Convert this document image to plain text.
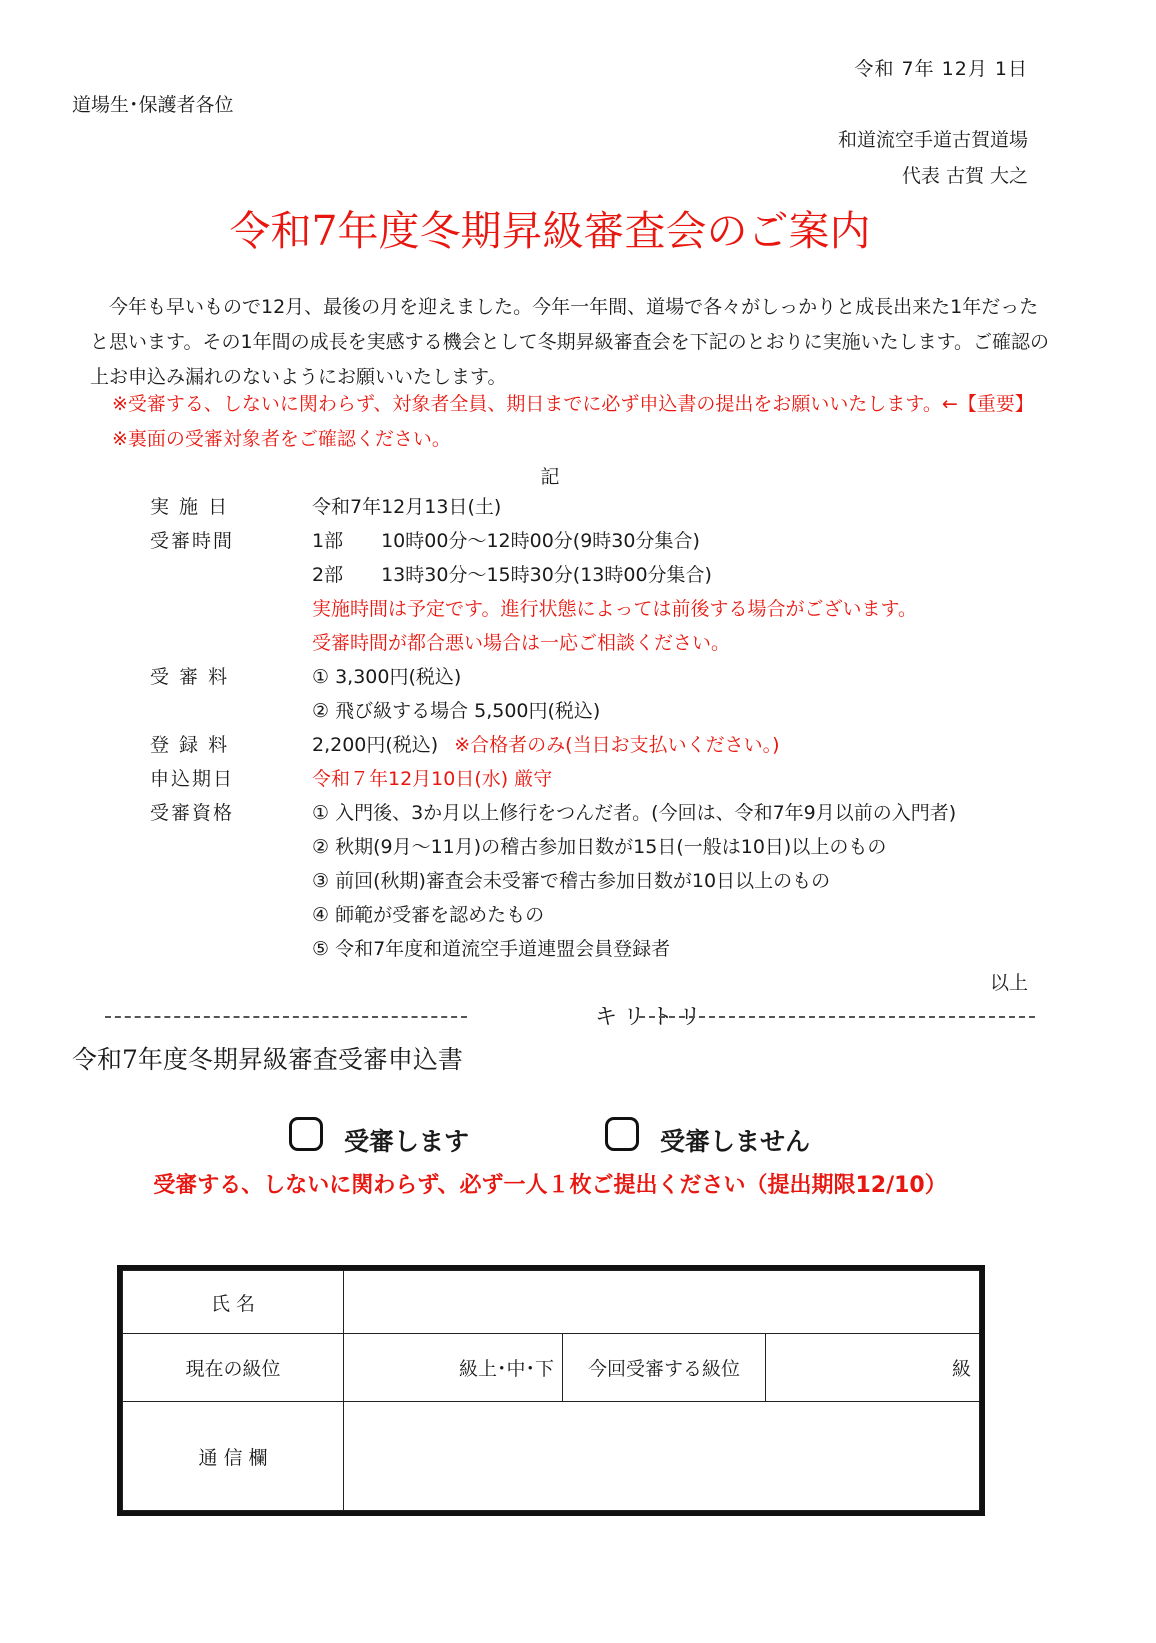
令和 7年 12月 1日
道場生･保護者各位
和道流空手道古賀道場
代表 古賀 大之
令和7年度冬期昇級審査会のご案内

今年も早いもので12月、最後の月を迎えました。今年一年間、道場で各々がしっかりと成長出来た1年だったと思います。その1年間の成長を実感する機会として冬期昇級審査会を下記のとおりに実施いたします。ご確認の上お申込み漏れのないようにお願いいたします。

※受審する、しないに関わらず、対象者全員、期日までに必ず申込書の提出をお願いいたします。←【重要】
※裏面の受審対象者をご確認ください。
記
実 施 日	令和7年12月13日(土)
受審時間	1部　　10時00分～12時00分(9時30分集合)
2部　　13時30分～15時30分(13時00分集合)
実施時間は予定です。進行状態によっては前後する場合がございます。
受審時間が都合悪い場合は一応ご相談ください。
受 審 料	① 3,300円(税込)
② 飛び級する場合 5,500円(税込)
登 録 料	2,200円(税込) ※合格者のみ(当日お支払いください。)
申込期日	令和７年12月10日(水) 厳守
受審資格	① 入門後、3か月以上修行をつんだ者。(今回は、令和7年9月以前の入門者)
② 秋期(9月～11月)の稽古参加日数が15日(一般は10日)以上のもの
③ 前回(秋期)審査会未受審で稽古参加日数が10日以上のもの
④ 師範が受審を認めたもの
⑤ 令和7年度和道流空手道連盟会員登録者
以上
キリトリ
令和7年度冬期昇級審査受審申込書
受審します	受審しません
受審する、しないに関わらず、必ず一人１枚ご提出ください（提出期限12/10）
氏 名			
現在の級位	級上･中･下	今回受審する級位	級
通 信 欄			
